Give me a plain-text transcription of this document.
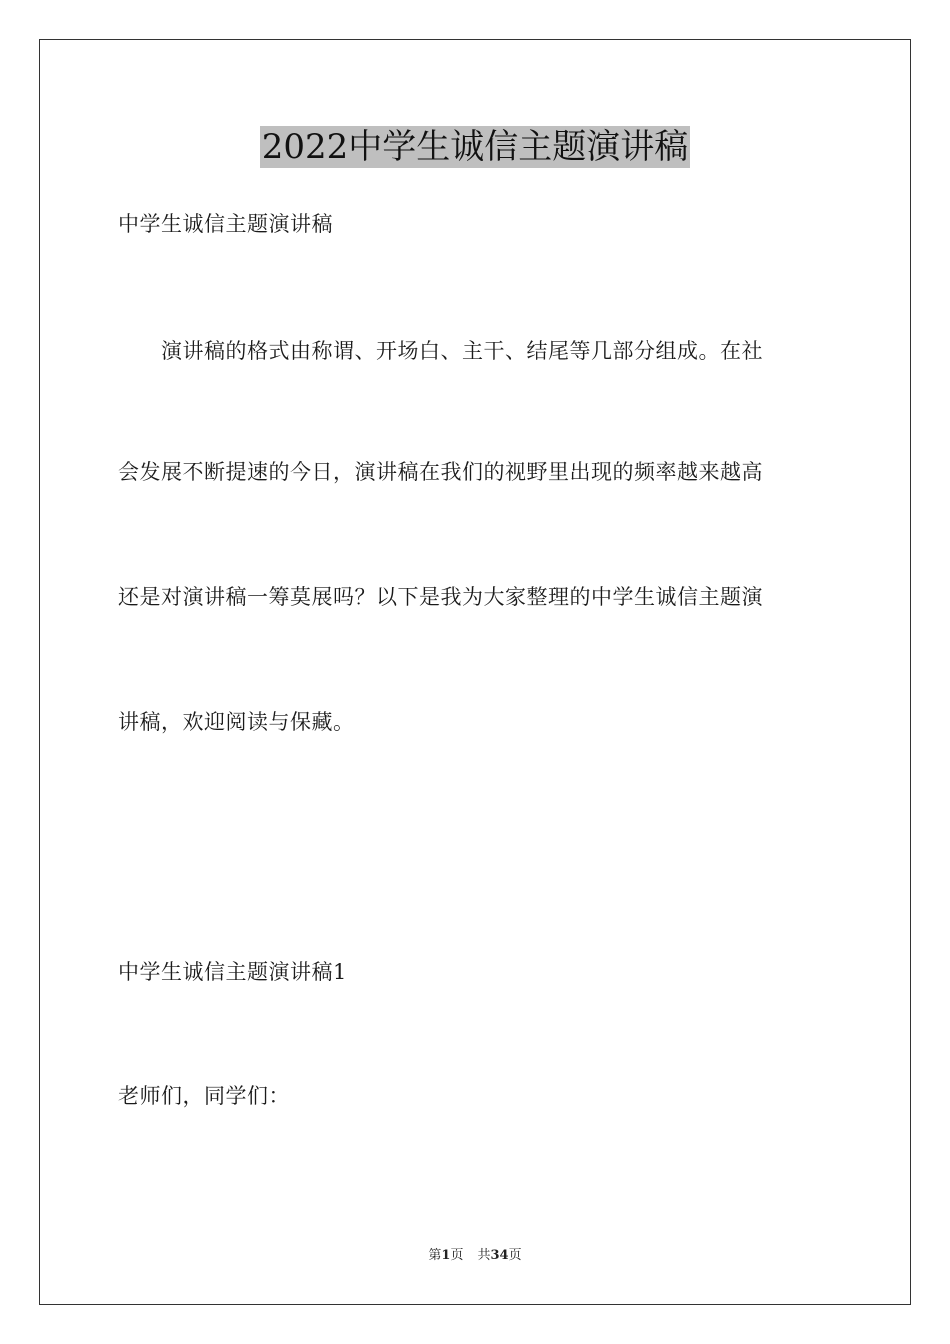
2022中学生诚信主题演讲稿
中学生诚信主题演讲稿
　　演讲稿的格式由称谓、开场白、主干、结尾等几部分组成。在社
会发展不断提速的今日，演讲稿在我们的视野里出现的频率越来越高
还是对演讲稿一筹莫展吗？以下是我为大家整理的中学生诚信主题演
讲稿，欢迎阅读与保藏。
中学生诚信主题演讲稿1
老师们，同学们：
第1页 共34页
